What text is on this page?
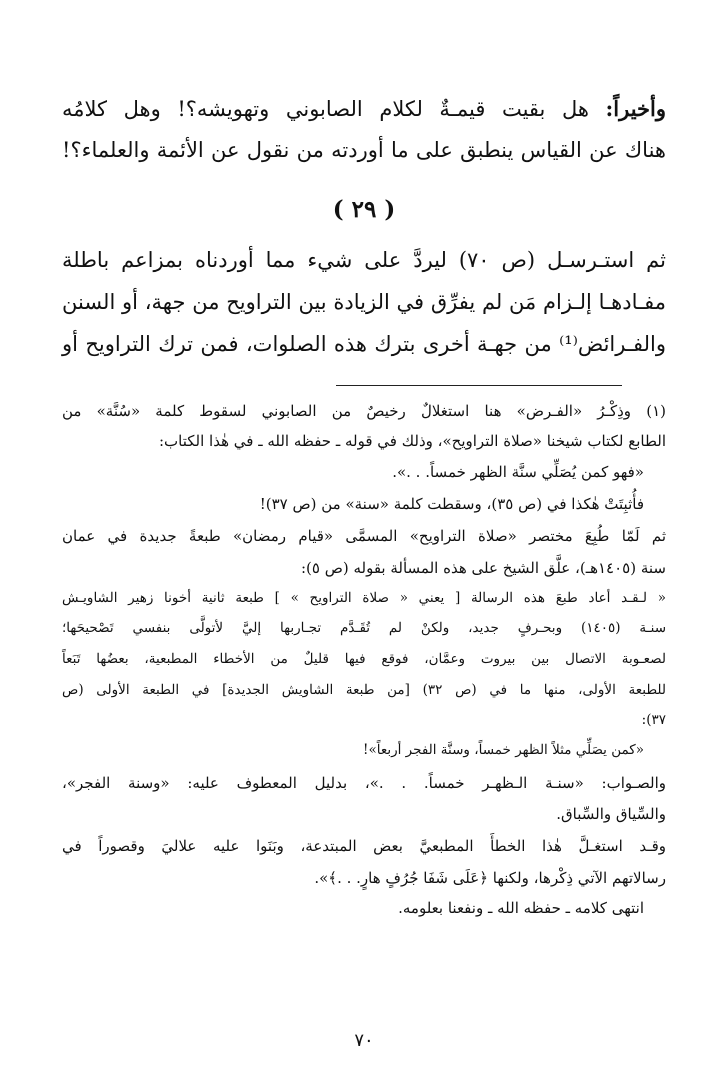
وأخيراً: هل بقيت قيمـةٌ لكلام الصابوني وتهويشه؟! وهل كلامُه
هناك عن القياس ينطبق على ما أوردته من نقول عن الأئمة والعلماء؟!
( ٢٩ )
ثم استـرسـل (ص ٧٠) ليردَّ على شيء مما أوردناه بمزاعم باطلة
مفـادهـا إلـزام مَن لم يفرِّق في الزيادة بين التراويح من جهة، أو السنن
والفـرائض⁽¹⁾ من جهـة أخرى بترك هذه الصلوات، فمن ترك التراويح أو
(١) وذِكْـرُ «الفـرض» هنا استغلالٌ رخيصٌ من الصابوني لسقوط كلمة «سُنَّة» من
الطابع لكتاب شيخنا «صلاة التراويح»، وذلك في قوله ـ حفظه الله ـ في هٰذا الكتاب:
«فهو كمن يُصَلِّي سنَّة الظهر خمساً. . .».
فأُثبِتَتْ هٰكذا في (ص ٣٥)، وسقطت كلمة «سنة» من (ص ٣٧)!
ثم لَمّا طُبِعَ مختصر «صلاة التراويح» المسمَّى «قيام رمضان» طبعةً جديدة في عمان
سنة (١٤٠٥هـ)، علَّق الشيخ على هذه المسألة بقوله (ص ٥):
« لـقـد أعاد طبعَ هذه الرسالة [ يعني « صلاة التراويح » ] طبعة ثانية أخونا زهير الشاويـش
سنـة (١٤٠٥) وبحـرفٍ جديد، ولكنْ لم تُقَـدَّم تجـاربها إليَّ لأتولَّى بنفسي تَصْحيحَها؛
لصعـوبة الاتصال بين بيروت وعمَّان، فوقع فيها قليلٌ من الأخطاء المطبعية، بعضُها تَبَعاً
للطبعة الأولى، منها ما في (ص ٣٢) [من طبعة الشاويش الجديدة] في الطبعة الأولى (ص
٣٧):
«كمن يصَلِّي مثلاً الظهر خمساً، وسنَّة الفجر أربعاً»!
والصـواب: «سنـة الـظهـر خمساً. . .»، بدليل المعطوف عليه: «وسنة الفجر»،
والسِّياق والسِّباق.
وقـد استغـلَّ هٰذا الخطأَ المطبعيَّ بعض المبتدعة، وبَنَوا عليه علاليَ وقصوراً في
رسالاتهم الآتي ذِكْرها، ولكنها ﴿عَلَى شَفَا جُرُفٍ هارٍ. . .﴾».
انتهى كلامه ـ حفظه الله ـ ونفعنا بعلومه.
٧٠
